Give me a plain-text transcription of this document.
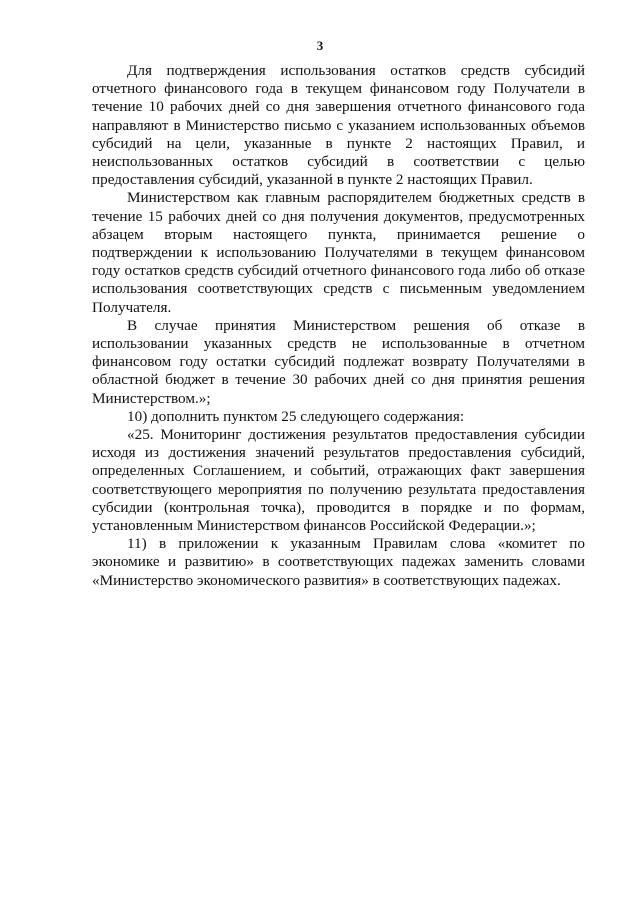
3

Для подтверждения использования остатков средств субсидий отчетного финансового года в текущем финансовом году Получатели в течение 10 рабочих дней со дня завершения отчетного финансового года направляют в Министерство письмо с указанием использованных объемов субсидий на цели, указанные в пункте 2 настоящих Правил, и неиспользованных остатков субсидий в соответствии с целью предоставления субсидий, указанной в пункте 2 настоящих Правил.

Министерством как главным распорядителем бюджетных средств в течение 15 рабочих дней со дня получения документов, предусмотренных абзацем вторым настоящего пункта, принимается решение о подтверждении к использованию Получателями в текущем финансовом году остатков средств субсидий отчетного финансового года либо об отказе использования соответствующих средств с письменным уведомлением Получателя.

В случае принятия Министерством решения об отказе в использовании указанных средств не использованные в отчетном финансовом году остатки субсидий подлежат возврату Получателями в областной бюджет в течение 30 рабочих дней со дня принятия решения Министерством.»;

10) дополнить пунктом 25 следующего содержания:

«25. Мониторинг достижения результатов предоставления субсидии исходя из достижения значений результатов предоставления субсидий, определенных Соглашением, и событий, отражающих факт завершения соответствующего мероприятия по получению результата предоставления субсидии (контрольная точка), проводится в порядке и по формам, установленным Министерством финансов Российской Федерации.»;

11) в приложении к указанным Правилам слова «комитет по экономике и развитию» в соответствующих падежах заменить словами «Министерство экономического развития» в соответствующих падежах.
